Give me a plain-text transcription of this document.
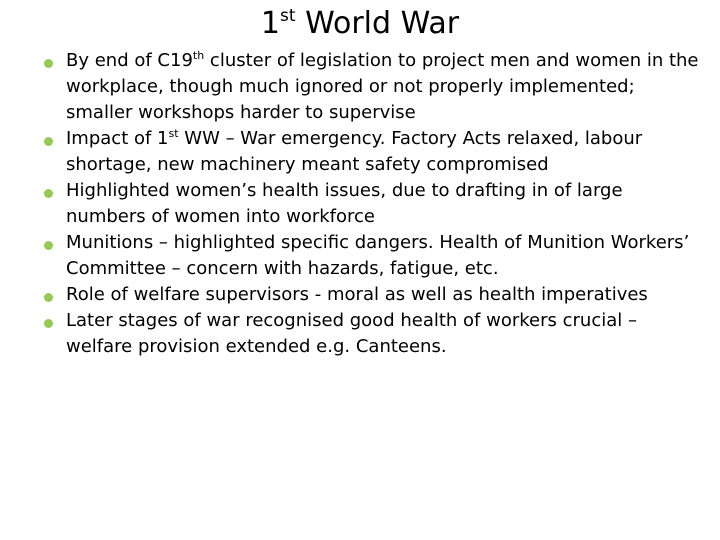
1st World War
By end of C19th cluster of legislation to project men and women in the workplace, though much ignored or not properly implemented; smaller workshops harder to supervise
Impact of 1st WW – War emergency. Factory Acts relaxed, labour shortage, new machinery meant safety compromised
Highlighted women’s health issues, due to drafting in of large numbers of women into workforce
Munitions – highlighted specific dangers. Health of Munition Workers’ Committee – concern with hazards, fatigue, etc.
Role of welfare supervisors - moral as well as health imperatives
Later stages of war recognised good health of workers crucial – welfare provision extended e.g. Canteens.
